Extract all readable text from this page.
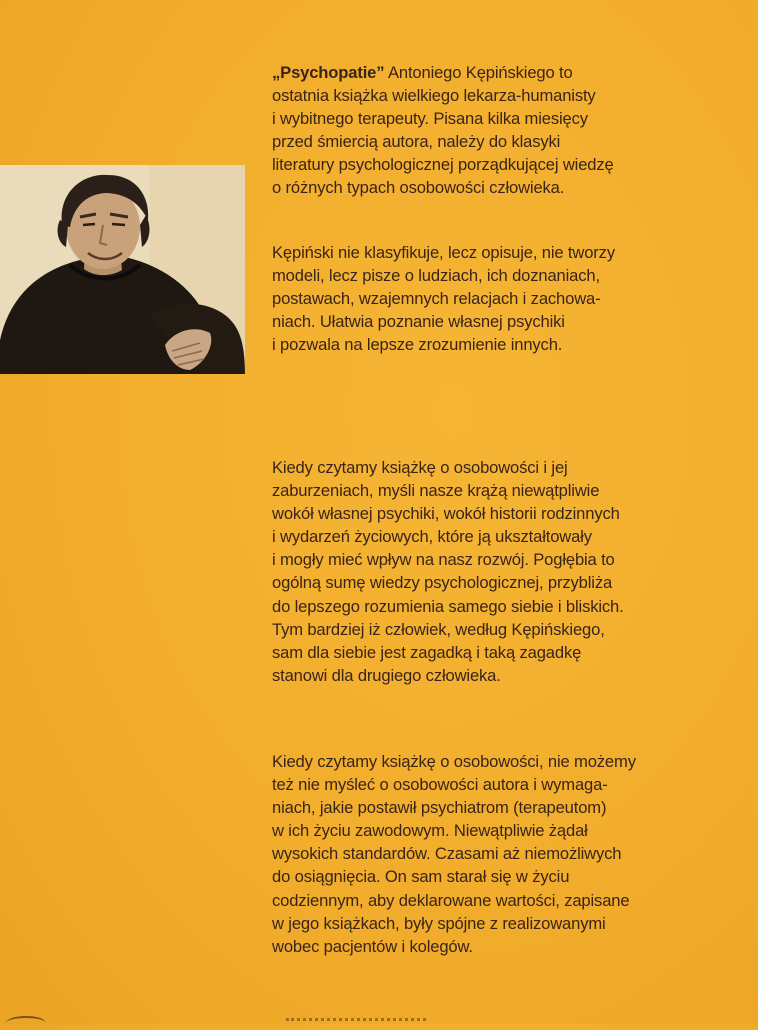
„Psychopatie” Antoniego Kępińskiego to
ostatnia książka wielkiego lekarza-humanisty
i wybitnego terapeuty. Pisana kilka miesięcy
przed śmiercią autora, należy do klasyki
literatury psychologicznej porządkującej wiedzę
o różnych typach osobowości człowieka.
Kępiński nie klasyfikuje, lecz opisuje, nie tworzy
modeli, lecz pisze o ludziach, ich doznaniach,
postawach, wzajemnych relacjach i zachowa-
niach. Ułatwia poznanie własnej psychiki
i pozwala na lepsze zrozumienie innych.
Kiedy czytamy książkę o osobowości i jej
zaburzeniach, myśli nasze krążą niewątpliwie
wokół własnej psychiki, wokół historii rodzinnych
i wydarzeń życiowych, które ją ukształtowały
i mogły mieć wpływ na nasz rozwój. Pogłębia to
ogólną sumę wiedzy psychologicznej, przybliża
do lepszego rozumienia samego siebie i bliskich.
Tym bardziej iż człowiek, według Kępińskiego,
sam dla siebie jest zagadką i taką zagadkę
stanowi dla drugiego człowieka.
Kiedy czytamy książkę o osobowości, nie możemy
też nie myśleć o osobowości autora i wymaga-
niach, jakie postawił psychiatrom (terapeutom)
w ich życiu zawodowym. Niewątpliwie żądał
wysokich standardów. Czasami aż niemożliwych
do osiągnięcia. On sam starał się w życiu
codziennym, aby deklarowane wartości, zapisane
w jego książkach, były spójne z realizowanymi
wobec pacjentów i kolegów.
